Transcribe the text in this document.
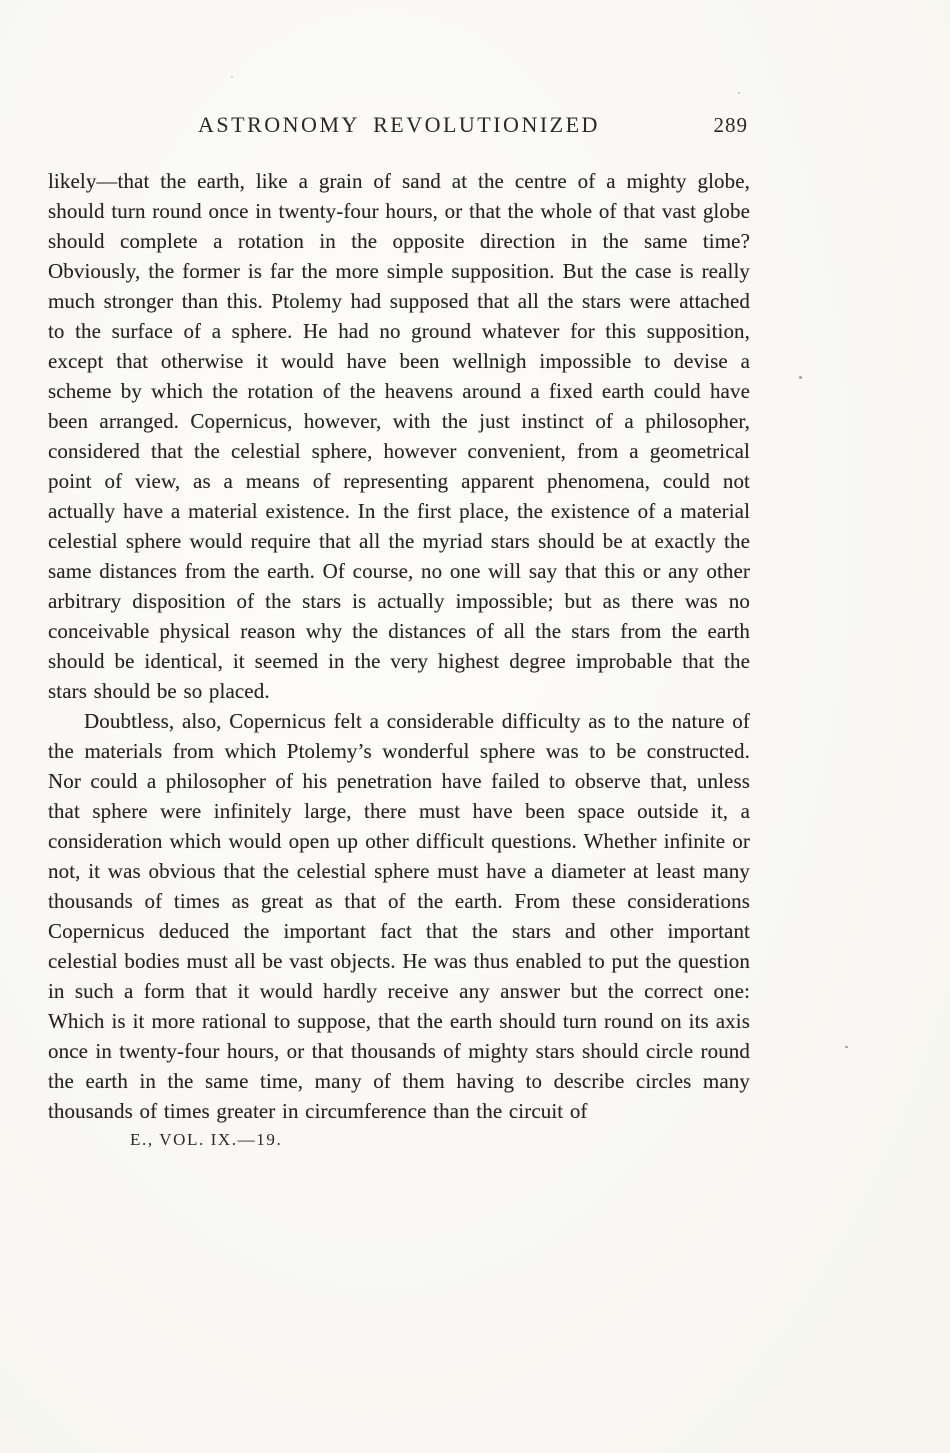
ASTRONOMY REVOLUTIONIZED	289

likely—that the earth, like a grain of sand at the centre of a mighty globe, should turn round once in twenty-four hours, or that the whole of that vast globe should complete a rotation in the opposite direction in the same time? Obviously, the former is far the more simple supposition. But the case is really much stronger than this. Ptolemy had supposed that all the stars were attached to the surface of a sphere. He had no ground whatever for this supposition, except that otherwise it would have been wellnigh impossible to devise a scheme by which the rotation of the heavens around a fixed earth could have been arranged. Copernicus, however, with the just instinct of a philosopher, considered that the celestial sphere, however convenient, from a geometrical point of view, as a means of representing apparent phenomena, could not actually have a material existence. In the first place, the existence of a material celestial sphere would require that all the myriad stars should be at exactly the same distances from the earth. Of course, no one will say that this or any other arbitrary disposition of the stars is actually impossible; but as there was no conceivable physical reason why the distances of all the stars from the earth should be identical, it seemed in the very highest degree improbable that the stars should be so placed.

Doubtless, also, Copernicus felt a considerable difficulty as to the nature of the materials from which Ptolemy’s wonderful sphere was to be constructed. Nor could a philosopher of his penetration have failed to observe that, unless that sphere were infinitely large, there must have been space outside it, a consideration which would open up other difficult questions. Whether infinite or not, it was obvious that the celestial sphere must have a diameter at least many thousands of times as great as that of the earth. From these considerations Copernicus deduced the important fact that the stars and other important celestial bodies must all be vast objects. He was thus enabled to put the question in such a form that it would hardly receive any answer but the correct one: Which is it more rational to suppose, that the earth should turn round on its axis once in twenty-four hours, or that thousands of mighty stars should circle round the earth in the same time, many of them having to describe circles many thousands of times greater in circumference than the circuit of

E., VOL. IX.—19.
